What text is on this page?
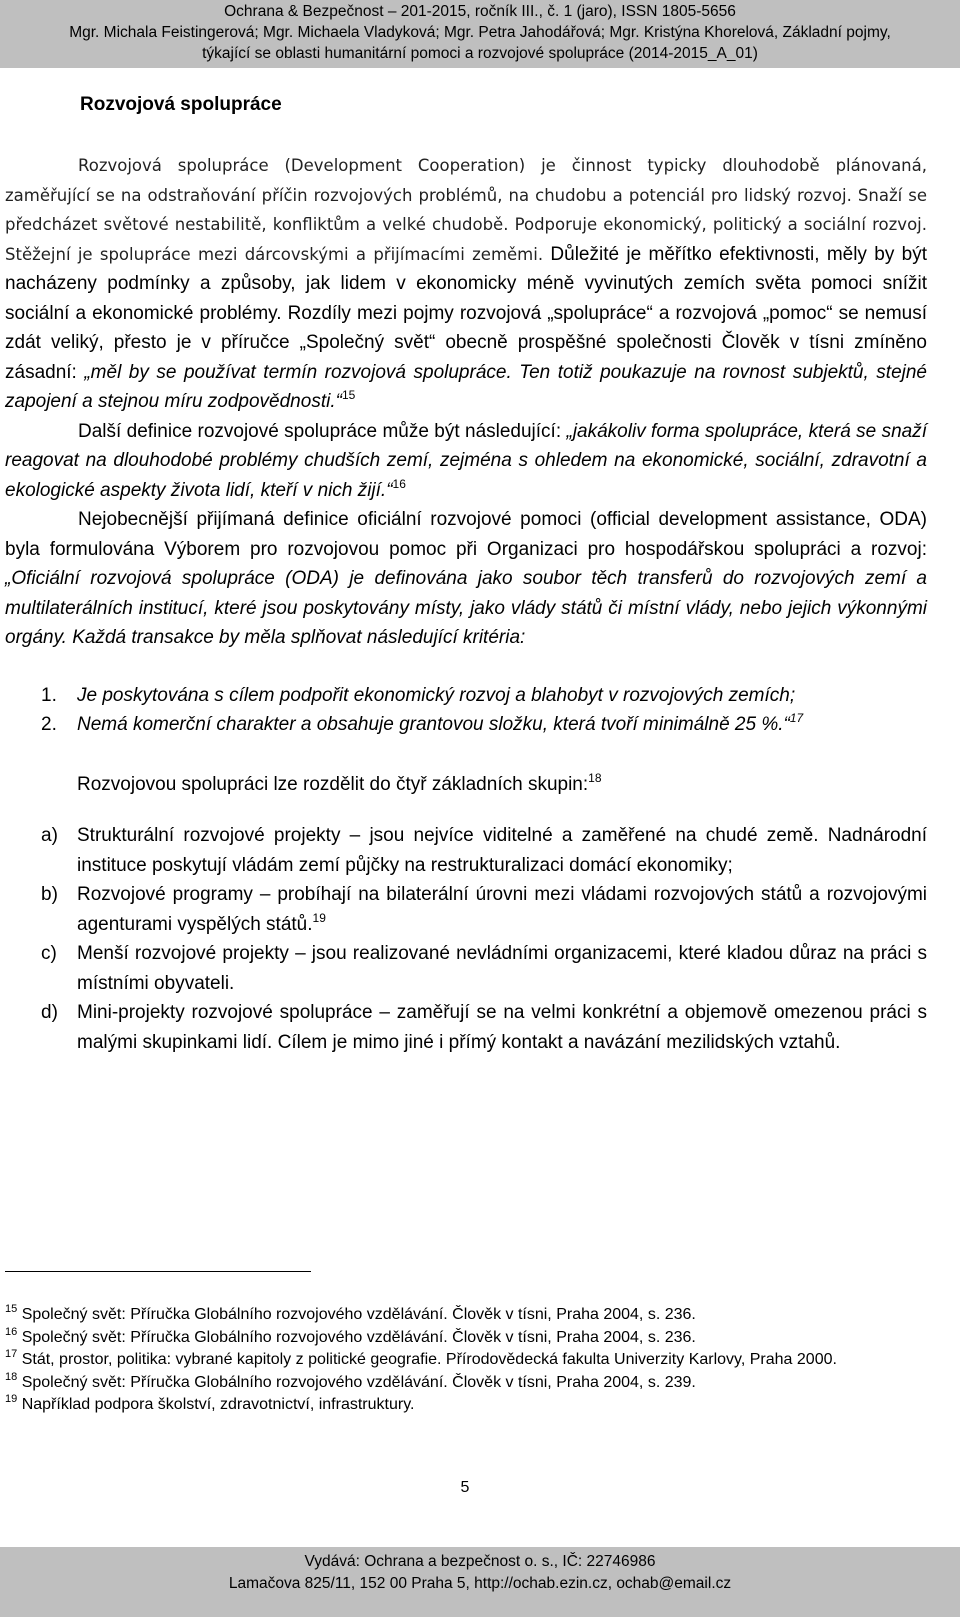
Ochrana & Bezpečnost – 201-2015, ročník III., č. 1 (jaro), ISSN 1805-5656
Mgr. Michala Feistingerová; Mgr. Michaela Vladyková; Mgr. Petra Jahodářová; Mgr. Kristýna Khorelová, Základní pojmy,
týkající se oblasti humanitární pomoci a rozvojové spolupráce (2014-2015_A_01)
Rozvojová spolupráce

Rozvojová spolupráce (Development Cooperation) je činnost typicky dlouhodobě plánovaná, zaměřující se na odstraňování příčin rozvojových problémů, na chudobu a potenciál pro lidský rozvoj. Snaží se předcházet světové nestabilitě, konfliktům a velké chudobě. Podporuje ekonomický, politický a sociální rozvoj. Stěžejní je spolupráce mezi dárcovskými a přijímacími zeměmi. Důležité je měřítko efektivnosti, měly by být nacházeny podmínky a způsoby, jak lidem v ekonomicky méně vyvinutých zemích světa pomoci snížit sociální a ekonomické problémy. Rozdíly mezi pojmy rozvojová „spolupráce“ a rozvojová „pomoc“ se nemusí zdát veliký, přesto je v příručce „Společný svět“ obecně prospěšné společnosti Člověk v tísni zmíněno zásadní: „měl by se používat termín rozvojová spolupráce. Ten totiž poukazuje na rovnost subjektů, stejné zapojení a stejnou míru zodpovědnosti.“$^{15}$

Další definice rozvojové spolupráce může být následující: „jakákoliv forma spolupráce, která se snaží reagovat na dlouhodobé problémy chudších zemí, zejména s ohledem na ekonomické, sociální, zdravotní a ekologické aspekty života lidí, kteří v nich žijí.“$^{16}$

Nejobecnější přijímaná definice oficiální rozvojové pomoci (official development assistance, ODA) byla formulována Výborem pro rozvojovou pomoc při Organizaci pro hospodářskou spolupráci a rozvoj: „Oficiální rozvojová spolupráce (ODA) je definována jako soubor těch transferů do rozvojových zemí a multilaterálních institucí, které jsou poskytovány místy, jako vlády států či místní vlády, nebo jejich výkonnými orgány. Každá transakce by měla splňovat následující kritéria:

1. Je poskytována s cílem podpořit ekonomický rozvoj a blahobyt v rozvojových zemích;
2. Nemá komerční charakter a obsahuje grantovou složku, která tvoří minimálně 25 %.“$^{17}$

Rozvojovou spolupráci lze rozdělit do čtyř základních skupin:$^{18}$

a) Strukturální rozvojové projekty – jsou nejvíce viditelné a zaměřené na chudé země. Nadnárodní instituce poskytují vládám zemí půjčky na restrukturalizaci domácí ekonomiky;
b) Rozvojové programy – probíhají na bilaterální úrovni mezi vládami rozvojových států a rozvojovými agenturami vyspělých států.$^{19}$
c) Menší rozvojové projekty – jsou realizované nevládními organizacemi, které kladou důraz na práci s místními obyvateli.
d) Mini-projekty rozvojové spolupráce – zaměřují se na velmi konkrétní a objemově omezenou práci s malými skupinkami lidí. Cílem je mimo jiné i přímý kontakt a navázání mezilidských vztahů.

$^{15}$ Společný svět: Příručka Globálního rozvojového vzdělávání. Člověk v tísni, Praha 2004, s. 236.

$^{16}$ Společný svět: Příručka Globálního rozvojového vzdělávání. Člověk v tísni, Praha 2004, s. 236.

$^{17}$ Stát, prostor, politika: vybrané kapitoly z politické geografie. Přírodovědecká fakulta Univerzity Karlovy, Praha 2000.

$^{18}$ Společný svět: Příručka Globálního rozvojového vzdělávání. Člověk v tísni, Praha 2004, s. 239.

$^{19}$ Například podpora školství, zdravotnictví, infrastruktury.

5
Vydává: Ochrana a bezpečnost o. s., IČ: 22746986
Lamačova 825/11, 152 00 Praha 5, http://ochab.ezin.cz, ochab@email.cz
